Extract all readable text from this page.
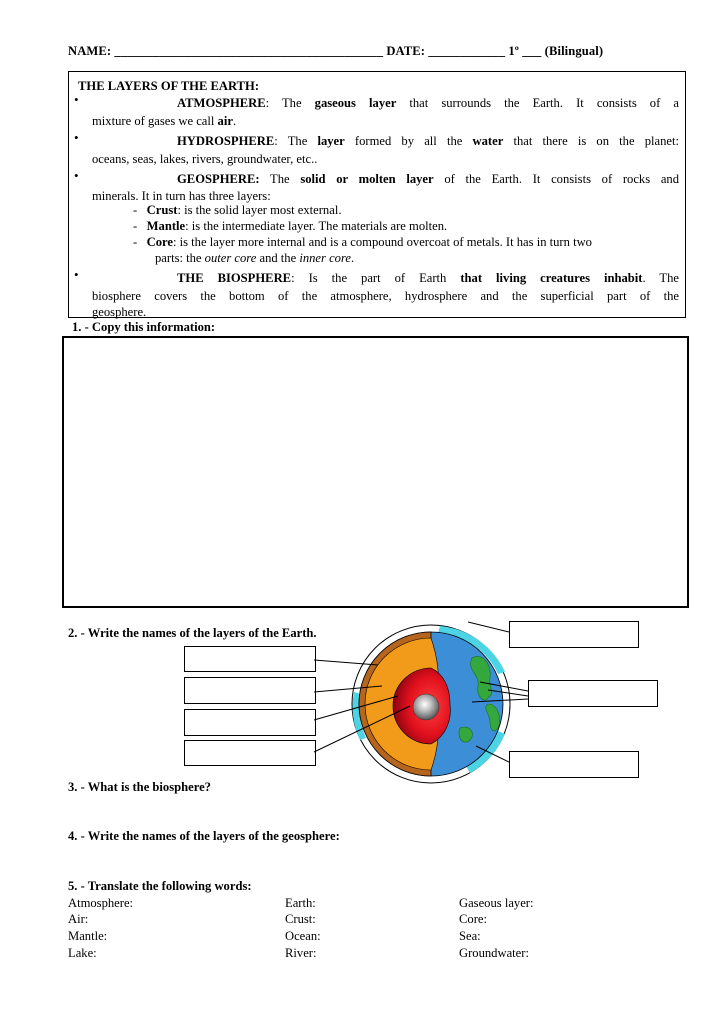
NAME: __________________________________________ DATE: ____________ 1º ___ (Bilingual)
THE LAYERS OF THE EARTH:
•	ATMOSPHERE: The gaseous layer that surrounds the Earth. It consists of a
mixture of gases we call air.
•	HYDROSPHERE: The layer formed by all the water that there is on the planet:
oceans, seas, lakes, rivers, groundwater, etc..
•	GEOSPHERE: The solid or molten layer of the Earth. It consists of rocks and
minerals. It in turn has three layers:
-   Crust: is the solid layer most external.
-   Mantle: is the intermediate layer. The materials are molten.
-   Core: is the layer more internal and is a compound overcoat of metals. It has in turn two
parts: the outer core and the inner core.
•	THE BIOSPHERE: Is the part of Earth that living creatures inhabit. The
biosphere covers the bottom of the atmosphere, hydrosphere and the superficial part of the
geosphere.
1. - Copy this information:
2. - Write the names of the layers of the Earth.
3. - What is the biosphere?
4. - Write the names of the layers of the geosphere:
5. - Translate the following words:
Atmosphere:	Earth:	Gaseous layer:
Air:	Crust:	Core:
Mantle:	Ocean:	Sea:
Lake:	River:	Groundwater:
